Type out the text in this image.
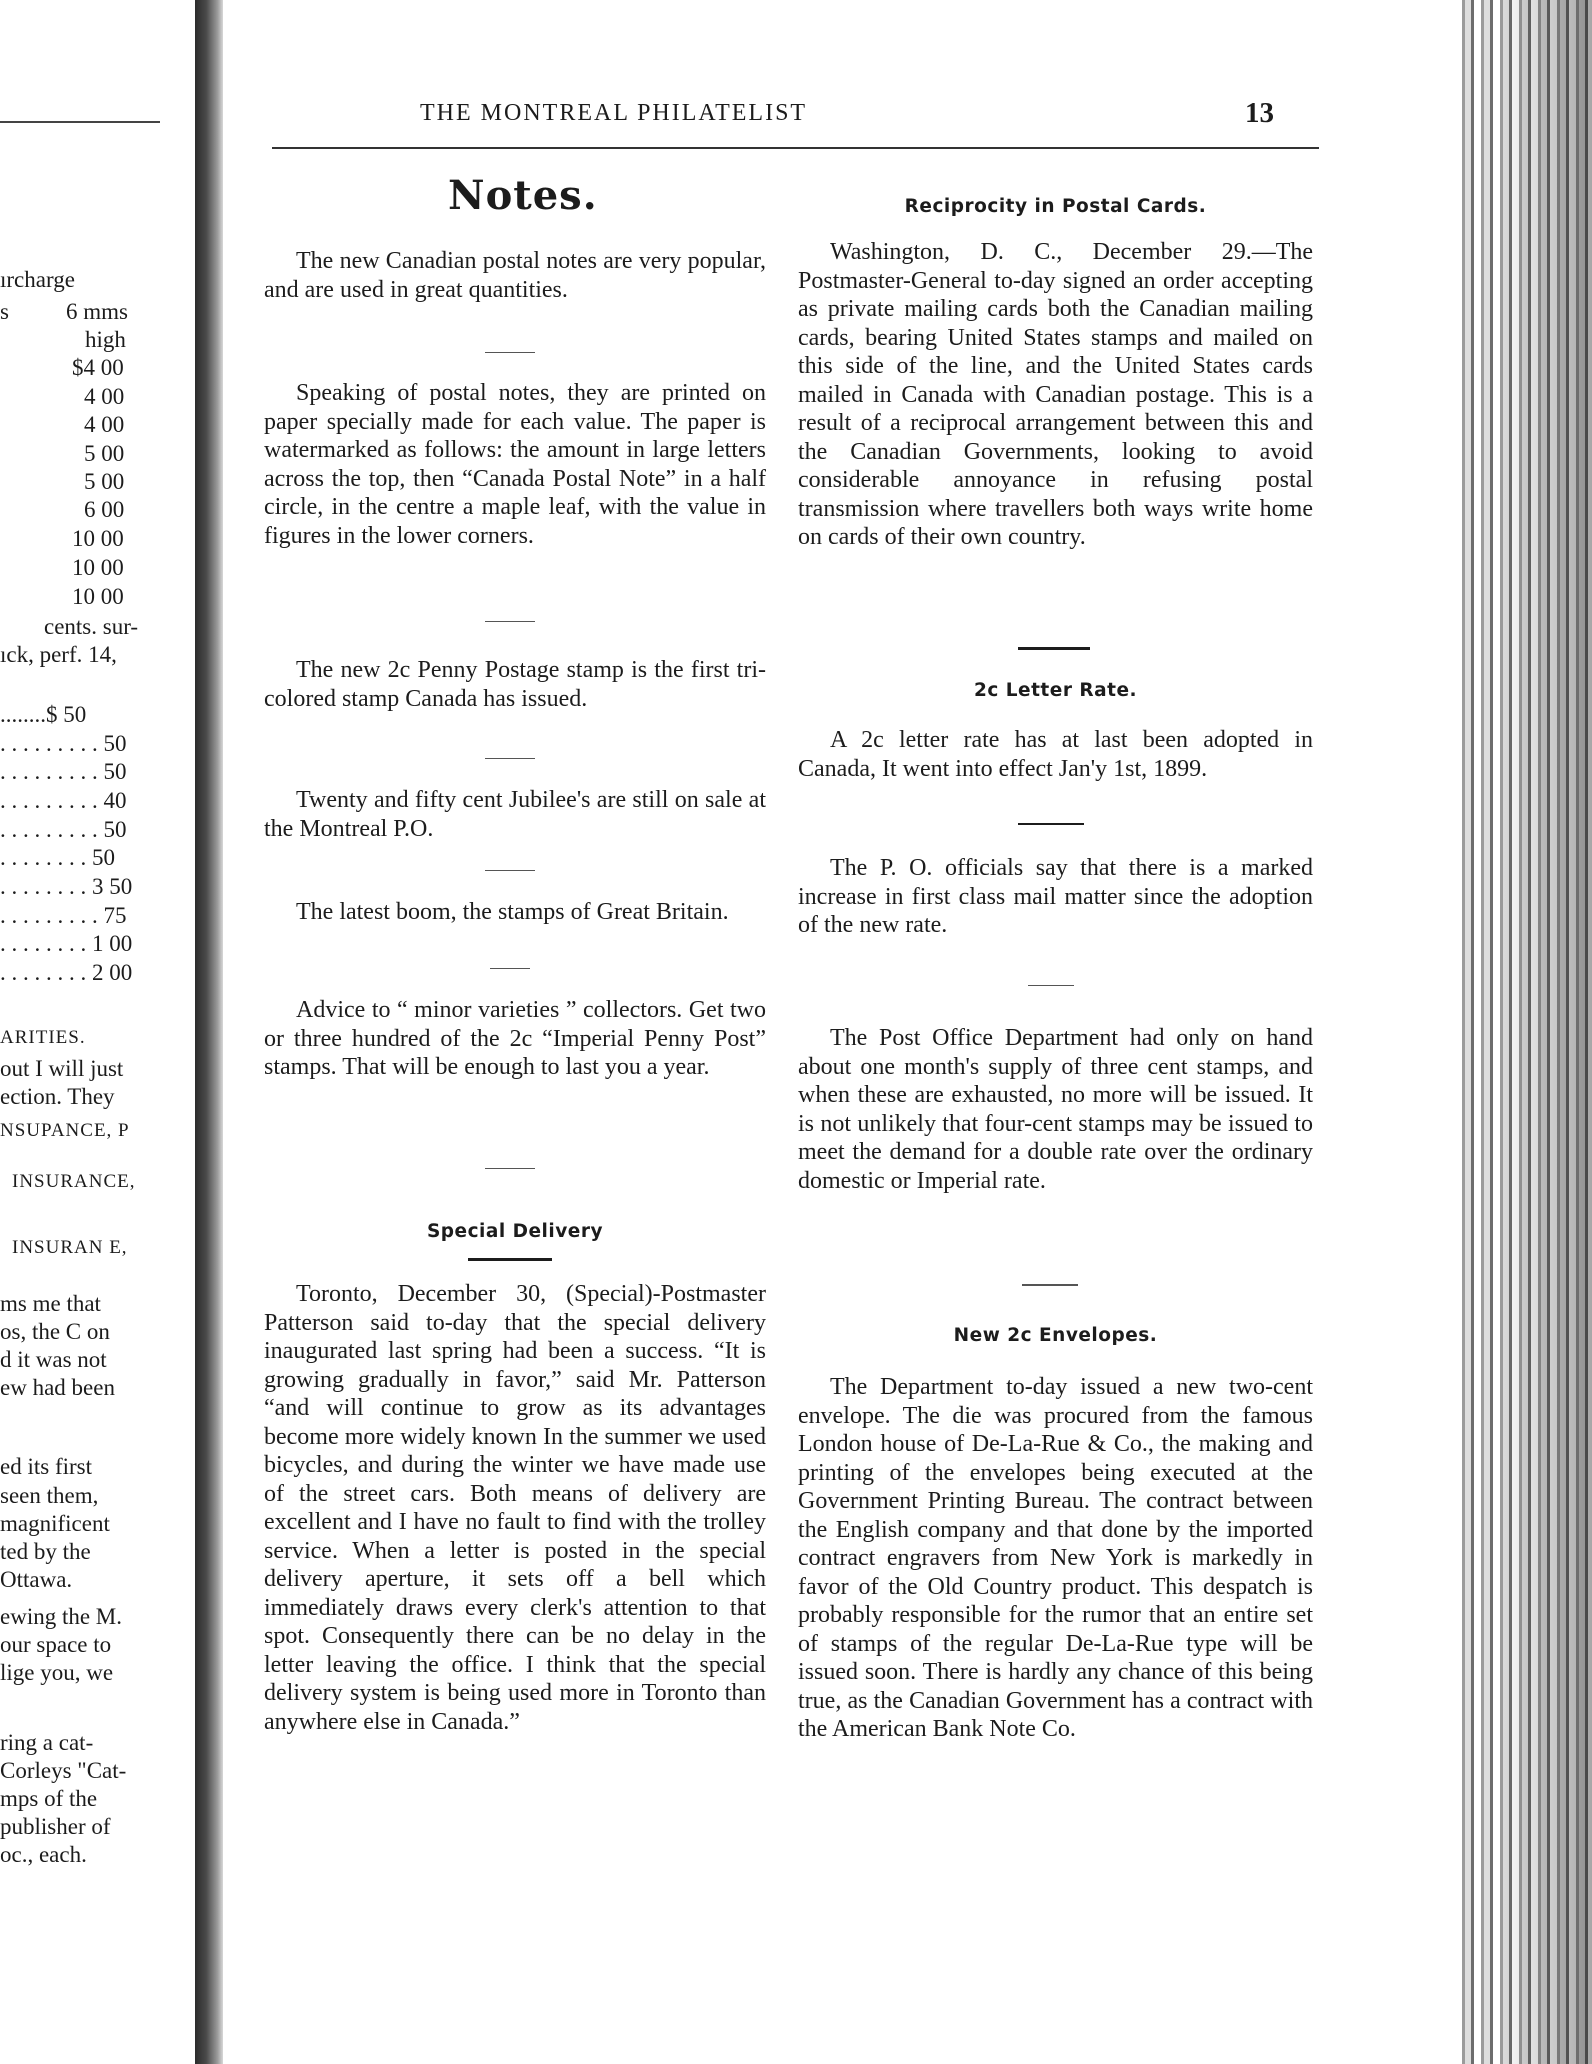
ırcharge
s 6 mms
high
$4 00
4 00
4 00
5 00
5 00
6 00
10 00
10 00
10 00
cents. sur-
ıck, perf. 14,
........$ 50
. . . . . . . . . 50
. . . . . . . . . 50
. . . . . . . . . 40
. . . . . . . . . 50
. . . . . . . . 50
. . . . . . . . 3 50
. . . . . . . . . 75
. . . . . . . . 1 00
. . . . . . . . 2 00
ARITIES.
out I will just
ection. They
NSUPANCE, P
INSURANCE,
INSURAN E,
ms me that
os, the C on
d it was not
ew had been
ed its first
seen them,
magnificent
ted by the
Ottawa.
ewing the M.
our space to
lige you, we
ring a cat-
Corleys "Cat-
mps of the
publisher of
oc., each.
THE MONTREAL PHILATELIST	13
Notes.
The new Canadian postal notes are very popular, and are used in great quantities.
Speaking of postal notes, they are printed on paper specially made for each value. The paper is watermarked as follows: the amount in large letters across the top, then “Canada Postal Note” in a half circle, in the centre a maple leaf, with the value in figures in the lower corners.
The new 2c Penny Postage stamp is the first tri-colored stamp Canada has issued.
Twenty and fifty cent Jubilee's are still on sale at the Montreal P.O.
The latest boom, the stamps of Great Britain.
Advice to “ minor varieties ” collectors. Get two or three hundred of the 2c “Imperial Penny Post” stamps. That will be enough to last you a year.
Special Delivery
Toronto, December 30, (Special)-Postmaster Patterson said to-day that the special delivery inaugurated last spring had been a success. “It is growing gradually in favor,” said Mr. Patterson “and will continue to grow as its advantages become more widely known In the summer we used bicycles, and during the winter we have made use of the street cars. Both means of delivery are excellent and I have no fault to find with the trolley service. When a letter is posted in the special delivery aperture, it sets off a bell which immediately draws every clerk's attention to that spot. Consequently there can be no delay in the letter leaving the office. I think that the special delivery system is being used more in Toronto than anywhere else in Canada.”
Reciprocity in Postal Cards.
Washington, D. C., December 29.—The Postmaster-General to-day signed an order accepting as private mailing cards both the Canadian mailing cards, bearing United States stamps and mailed on this side of the line, and the United States cards mailed in Canada with Canadian postage. This is a result of a reciprocal arrangement between this and the Canadian Governments, looking to avoid considerable annoyance in refusing postal transmission where travellers both ways write home on cards of their own country.
2c Letter Rate.
A 2c letter rate has at last been adopted in Canada, It went into effect Jan'y 1st, 1899.
The P. O. officials say that there is a marked increase in first class mail matter since the adoption of the new rate.
The Post Office Department had only on hand about one month's supply of three cent stamps, and when these are exhausted, no more will be issued. It is not unlikely that four-cent stamps may be issued to meet the demand for a double rate over the ordinary domestic or Imperial rate.
New 2c Envelopes.
The Department to-day issued a new two-cent envelope. The die was procured from the famous London house of De-La-Rue & Co., the making and printing of the envelopes being executed at the Government Printing Bureau. The contract between the English company and that done by the imported contract engravers from New York is markedly in favor of the Old Country product. This despatch is probably responsible for the rumor that an entire set of stamps of the regular De-La-Rue type will be issued soon. There is hardly any chance of this being true, as the Canadian Government has a contract with the American Bank Note Co.
